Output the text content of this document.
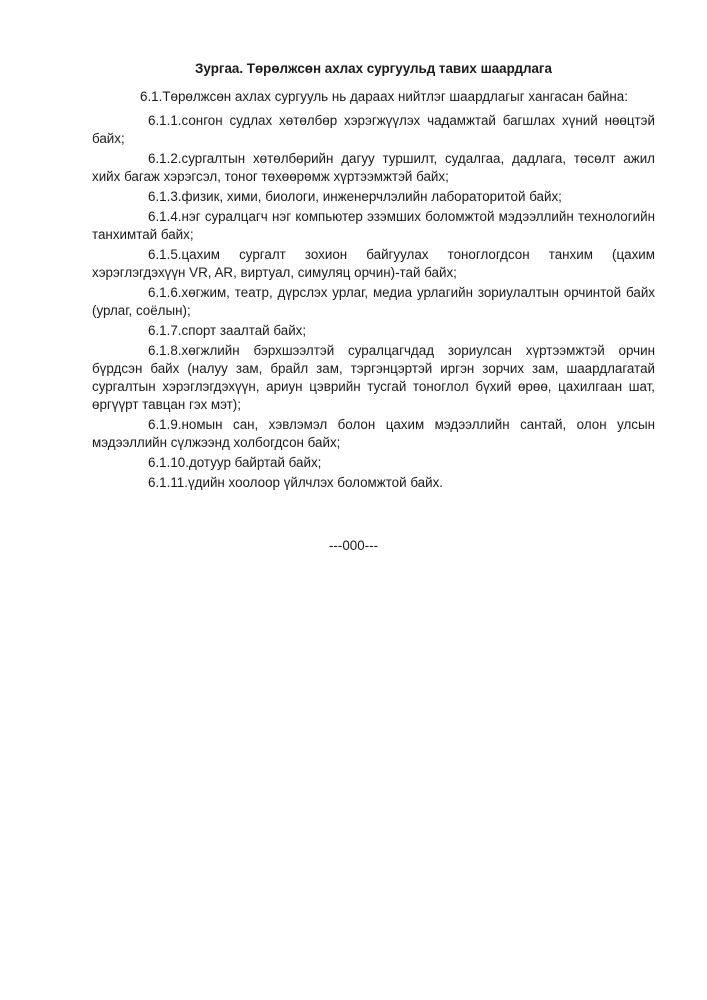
Зургаа. Төрөлжсөн ахлах сургуульд тавих шаардлага

6.1.Төрөлжсөн ахлах сургууль нь дараах нийтлэг шаардлагыг хангасан байна:

6.1.1.сонгон судлах хөтөлбөр хэрэгжүүлэх чадамжтай багшлах хүний нөөцтэй байх;

6.1.2.сургалтын хөтөлбөрийн дагуу туршилт, судалгаа, дадлага, төсөлт ажил хийх багаж хэрэгсэл, тоног төхөөрөмж хүртээмжтэй байх;

6.1.3.физик, хими, биологи, инженерчлэлийн лабораторитой байх;

6.1.4.нэг суралцагч нэг компьютер эзэмших боломжтой мэдээллийн технологийн танхимтай байх;

6.1.5.цахим сургалт зохион байгуулах тоноглогдсон танхим (цахим хэрэглэгдэхүүн VR, AR, виртуал, симуляц орчин)-тай байх;

6.1.6.хөгжим, театр, дүрслэх урлаг, медиа урлагийн зориулалтын орчинтой байх (урлаг, соёлын);

6.1.7.спорт заалтай байх;

6.1.8.хөгжлийн бэрхшээлтэй суралцагчдад зориулсан хүртээмжтэй орчин бүрдсэн байх (налуу зам, брайл зам, тэргэнцэртэй иргэн зорчих зам, шаардлагатай сургалтын хэрэглэгдэхүүн, ариун цэврийн тусгай тоноглол бүхий өрөө, цахилгаан шат, өргүүрт тавцан гэх мэт);

6.1.9.номын сан, хэвлэмэл болон цахим мэдээллийн сантай, олон улсын мэдээллийн сүлжээнд холбогдсон байх;

6.1.10.дотуур байртай байх;

6.1.11.үдийн хоолоор үйлчлэх боломжтой байх.

---000---
